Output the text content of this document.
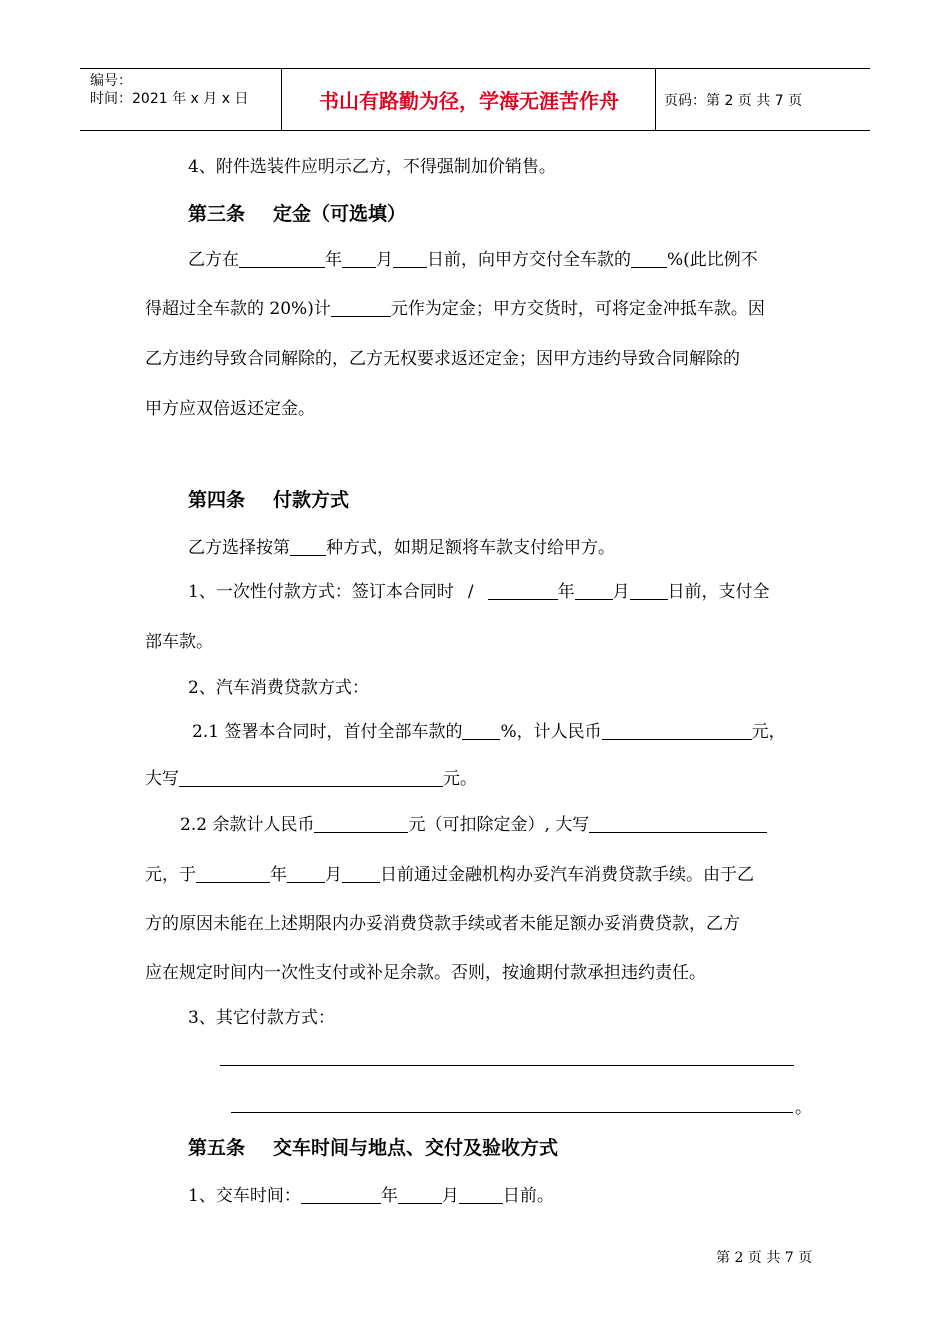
编号：
时间：2021 年 x 月 x 日	书山有路勤为径，学海无涯苦作舟	页码：第 2 页 共 7 页
4、附件选装件应明示乙方，不得强制加价销售。
第三条 定金（可选填）
乙方在	年 月 日前，向甲方交付全车款的 %(此比例不
得超过全车款的 20%)计	元作为定金；甲方交货时，可将定金冲抵车款。因
乙方违约导致合同解除的，乙方无权要求返还定金；因甲方违约导致合同解除的
甲方应双倍返还定金。
第四条 付款方式
乙方选择按第 种方式，如期足额将车款支付给甲方。
1、一次性付款方式：签订本合同时 /	年 月 日前，支付全
部车款。
2、汽车消费贷款方式：
2.1 签署本合同时，首付全部车款的 %，计人民币	元，
大写	元。
2.2 余款计人民币	元（可扣除定金）, 大写
元，于	年 月 日前通过金融机构办妥汽车消费贷款手续。由于乙
方的原因未能在上述期限内办妥消费贷款手续或者未能足额办妥消费贷款，乙方
应在规定时间内一次性支付或补足余款。否则，按逾期付款承担违约责任。
3、其它付款方式：
。
第五条 交车时间与地点、交付及验收方式
1、交车时间：	年	月	日前。
第 2 页 共 7 页
